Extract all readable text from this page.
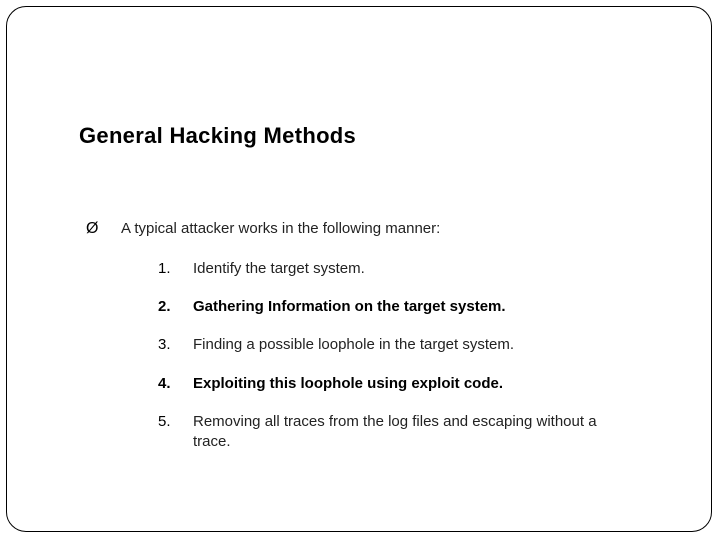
General Hacking Methods
Ø A typical attacker works in the following manner:
1. Identify the target system.
2. Gathering Information on the target system.
3. Finding a possible loophole in the target system.
4. Exploiting this loophole using exploit code.
5. Removing all traces from the log files and escaping without a trace.
